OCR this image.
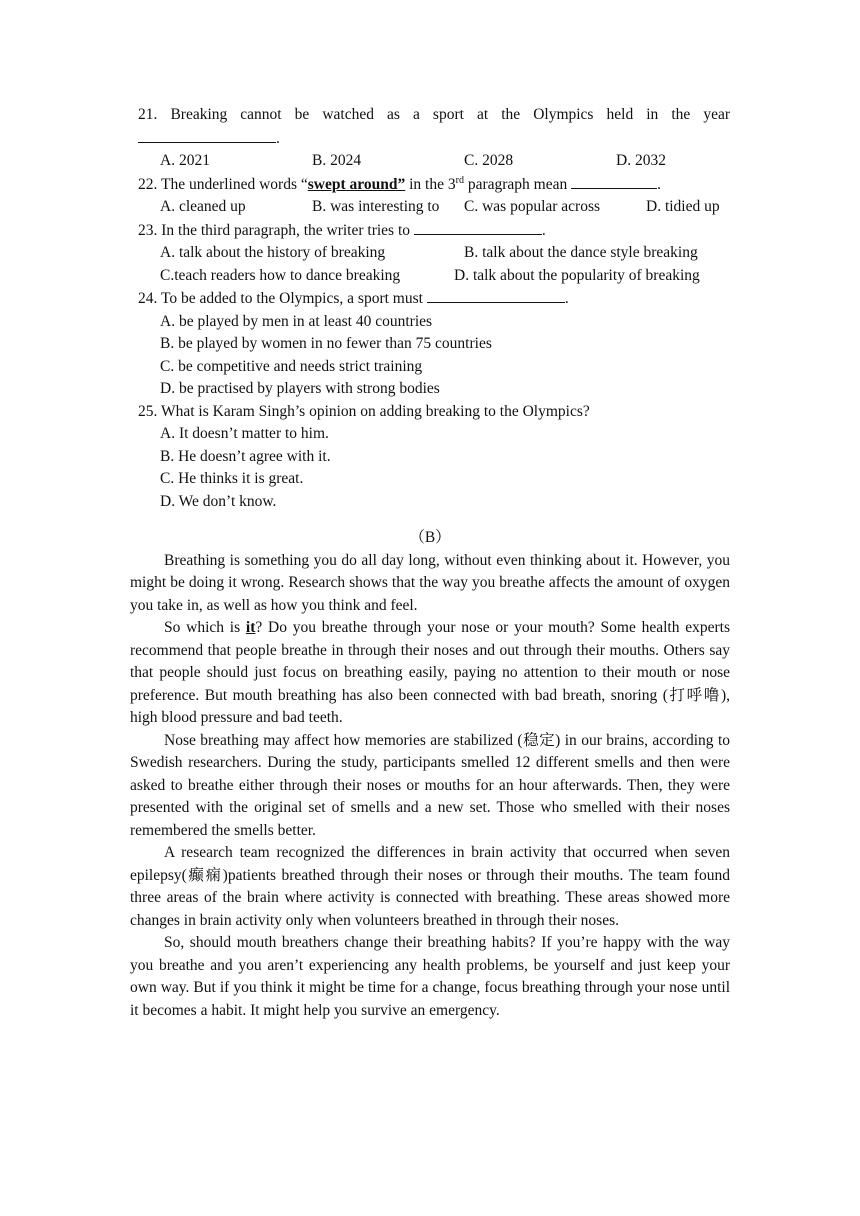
21. Breaking cannot be watched as a sport at the Olympics held in the year
.
A. 2021	B. 2024	C. 2028	D. 2032
22. The underlined words “swept around” in the 3rd paragraph mean	.
A. cleaned up	B. was interesting to	C. was popular across	D. tidied up
23. In the third paragraph, the writer tries to	.
A. talk about the history of breaking	B. talk about the dance style breaking
C.teach readers how to dance breaking	D. talk about the popularity of breaking
24. To be added to the Olympics, a sport must	.
A. be played by men in at least 40 countries
B. be played by women in no fewer than 75 countries
C. be competitive and needs strict training
D. be practised by players with strong bodies
25. What is Karam Singh’s opinion on adding breaking to the Olympics?
A. It doesn’t matter to him.
B. He doesn’t agree with it.
C. He thinks it is great.
D. We don’t know.
（B）

Breathing is something you do all day long, without even thinking about it. However, you might be doing it wrong. Research shows that the way you breathe affects the amount of oxygen you take in, as well as how you think and feel.

So which is it? Do you breathe through your nose or your mouth? Some health experts recommend that people breathe in through their noses and out through their mouths. Others say that people should just focus on breathing easily, paying no attention to their mouth or nose preference. But mouth breathing has also been connected with bad breath, snoring (打呼噜), high blood pressure and bad teeth.

Nose breathing may affect how memories are stabilized (稳定) in our brains, according to Swedish researchers. During the study, participants smelled 12 different smells and then were asked to breathe either through their noses or mouths for an hour afterwards. Then, they were presented with the original set of smells and a new set. Those who smelled with their noses remembered the smells better.

A research team recognized the differences in brain activity that occurred when seven epilepsy(癫痫)patients breathed through their noses or through their mouths. The team found three areas of the brain where activity is connected with breathing. These areas showed more changes in brain activity only when volunteers breathed in through their noses.

So, should mouth breathers change their breathing habits? If you’re happy with the way you breathe and you aren’t experiencing any health problems, be yourself and just keep your own way. But if you think it might be time for a change, focus breathing through your nose until it becomes a habit. It might help you survive an emergency.
